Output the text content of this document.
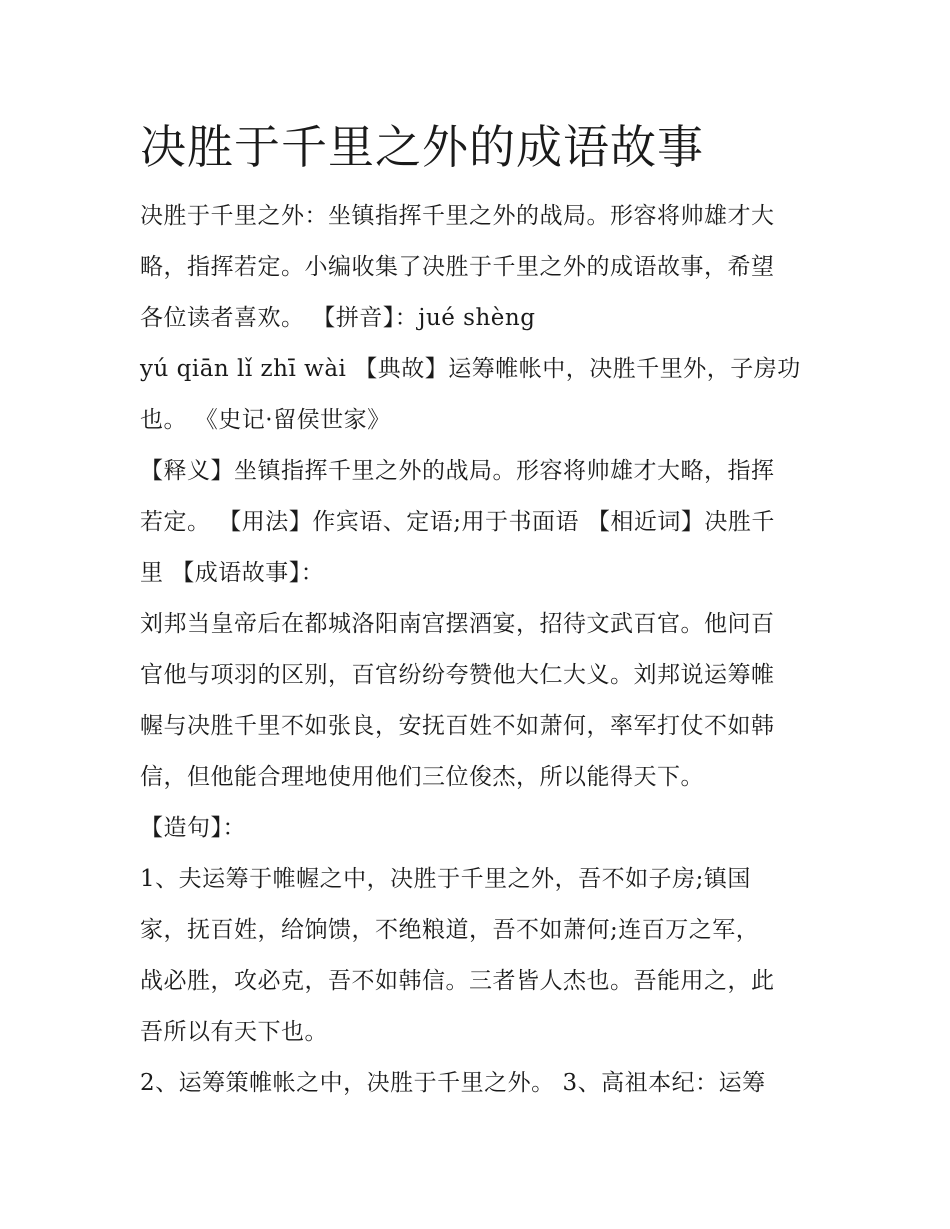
决胜于千里之外的成语故事

决胜于千里之外：坐镇指挥千里之外的战局。形容将帅雄才大

略，指挥若定。小编收集了决胜于千里之外的成语故事，希望

各位读者喜欢。 【拼音】：jué shèng

yú qiān lǐ zhī wài 【典故】运筹帷帐中，决胜千里外，子房功

也。 《史记·留侯世家》

【释义】坐镇指挥千里之外的战局。形容将帅雄才大略，指挥

若定。 【用法】作宾语、定语;用于书面语 【相近词】决胜千

里 【成语故事】：

刘邦当皇帝后在都城洛阳南宫摆酒宴，招待文武百官。他问百

官他与项羽的区别，百官纷纷夸赞他大仁大义。刘邦说运筹帷

幄与决胜千里不如张良，安抚百姓不如萧何，率军打仗不如韩

信，但他能合理地使用他们三位俊杰，所以能得天下。

【造句】：

1、夫运筹于帷幄之中，决胜于千里之外，吾不如子房;镇国

家，抚百姓，给饷馈，不绝粮道，吾不如萧何;连百万之军，

战必胜，攻必克，吾不如韩信。三者皆人杰也。吾能用之，此

吾所以有天下也。

2、运筹策帷帐之中，决胜于千里之外。 3、高祖本纪：运筹
